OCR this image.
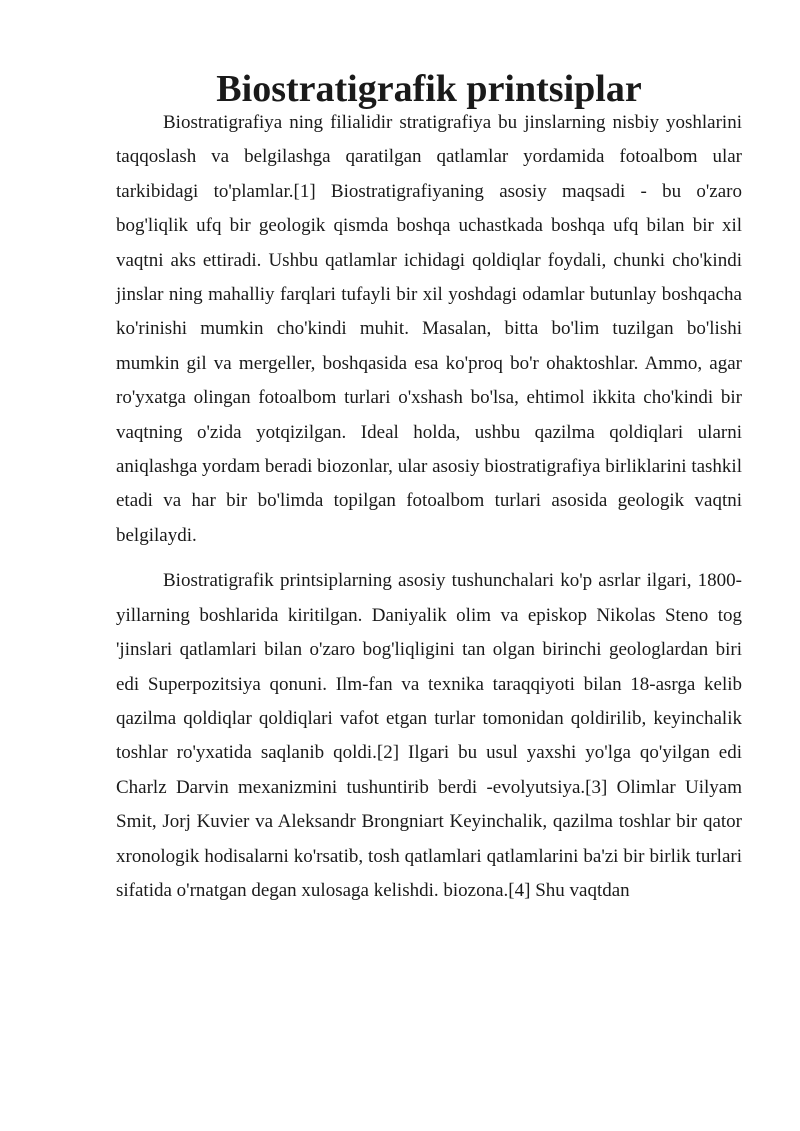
Biostratigrafik printsiplar

Biostratigrafiya ning filialidir stratigrafiya bu jinslarning nisbiy yoshlarini taqqoslash va belgilashga qaratilgan qatlamlar yordamida fotoalbom ular tarkibidagi to'plamlar.[1] Biostratigrafiyaning asosiy maqsadi - bu o'zaro bog'liqlik ufq bir geologik qismda boshqa uchastkada boshqa ufq bilan bir xil vaqtni aks ettiradi. Ushbu qatlamlar ichidagi qoldiqlar foydali, chunki cho'kindi jinslar ning mahalliy farqlari tufayli bir xil yoshdagi odamlar butunlay boshqacha ko'rinishi mumkin cho'kindi muhit. Masalan, bitta bo'lim tuzilgan bo'lishi mumkin gil va mergeller, boshqasida esa ko'proq bo'r ohaktoshlar. Ammo, agar ro'yxatga olingan fotoalbom turlari o'xshash bo'lsa, ehtimol ikkita cho'kindi bir vaqtning o'zida yotqizilgan. Ideal holda, ushbu qazilma qoldiqlari ularni aniqlashga yordam beradi biozonlar, ular asosiy biostratigrafiya birliklarini tashkil etadi va har bir bo'limda topilgan fotoalbom turlari asosida geologik vaqtni belgilaydi.

Biostratigrafik printsiplarning asosiy tushunchalari ko'p asrlar ilgari, 1800-yillarning boshlarida kiritilgan. Daniyalik olim va episkop Nikolas Steno tog 'jinslari qatlamlari bilan o'zaro bog'liqligini tan olgan birinchi geologlardan biri edi Superpozitsiya qonuni. Ilm-fan va texnika taraqqiyoti bilan 18-asrga kelib qazilma qoldiqlar qoldiqlari vafot etgan turlar tomonidan qoldirilib, keyinchalik toshlar ro'yxatida saqlanib qoldi.[2] Ilgari bu usul yaxshi yo'lga qo'yilgan edi Charlz Darvin mexanizmini tushuntirib berdi -evolyutsiya.[3] Olimlar Uilyam Smit, Jorj Kuvier va Aleksandr Brongniart Keyinchalik, qazilma toshlar bir qator xronologik hodisalarni ko'rsatib, tosh qatlamlari qatlamlarini ba'zi bir birlik turlari sifatida o'rnatgan degan xulosaga kelishdi. biozona.[4] Shu vaqtdan
